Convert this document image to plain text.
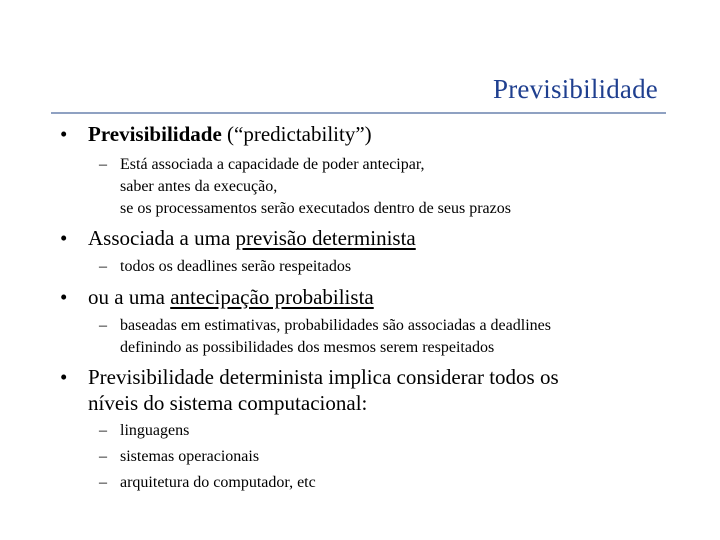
Previsibilidade
• Previsibilidade (“predictability”)
– Está associada a capacidade de poder antecipar,
saber antes da execução,
se os processamentos serão executados dentro de seus prazos
• Associada a uma previsão determinista
– todos os deadlines serão respeitados
• ou a uma antecipação probabilista
– baseadas em estimativas, probabilidades são associadas a deadlines
definindo as possibilidades dos mesmos serem respeitados
• Previsibilidade determinista implica considerar todos os
níveis do sistema computacional:
– linguagens
– sistemas operacionais
– arquitetura do computador, etc
